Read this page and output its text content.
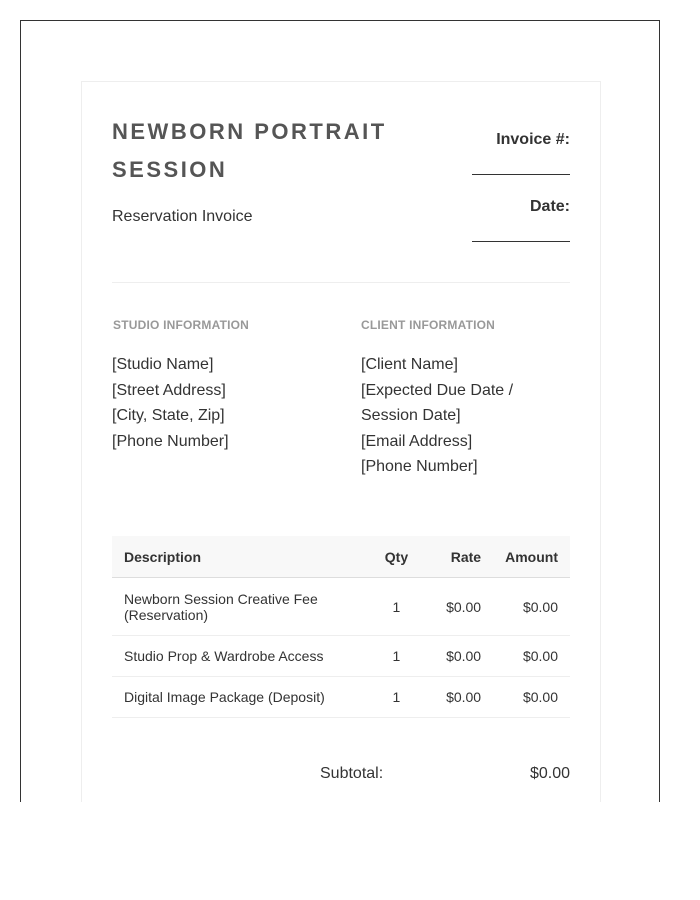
NEWBORN PORTRAIT SESSION
Reservation Invoice
Invoice #:
Date:
STUDIO INFORMATION
[Studio Name]
[Street Address]
[City, State, Zip]
[Phone Number]
CLIENT INFORMATION
[Client Name]
[Expected Due Date /
Session Date]
[Email Address]
[Phone Number]
Description	Qty	Rate	Amount
Newborn Session Creative Fee (Reservation)	1	$0.00	$0.00
Studio Prop & Wardrobe Access	1	$0.00	$0.00
Digital Image Package (Deposit)	1	$0.00	$0.00
Subtotal:	$0.00
